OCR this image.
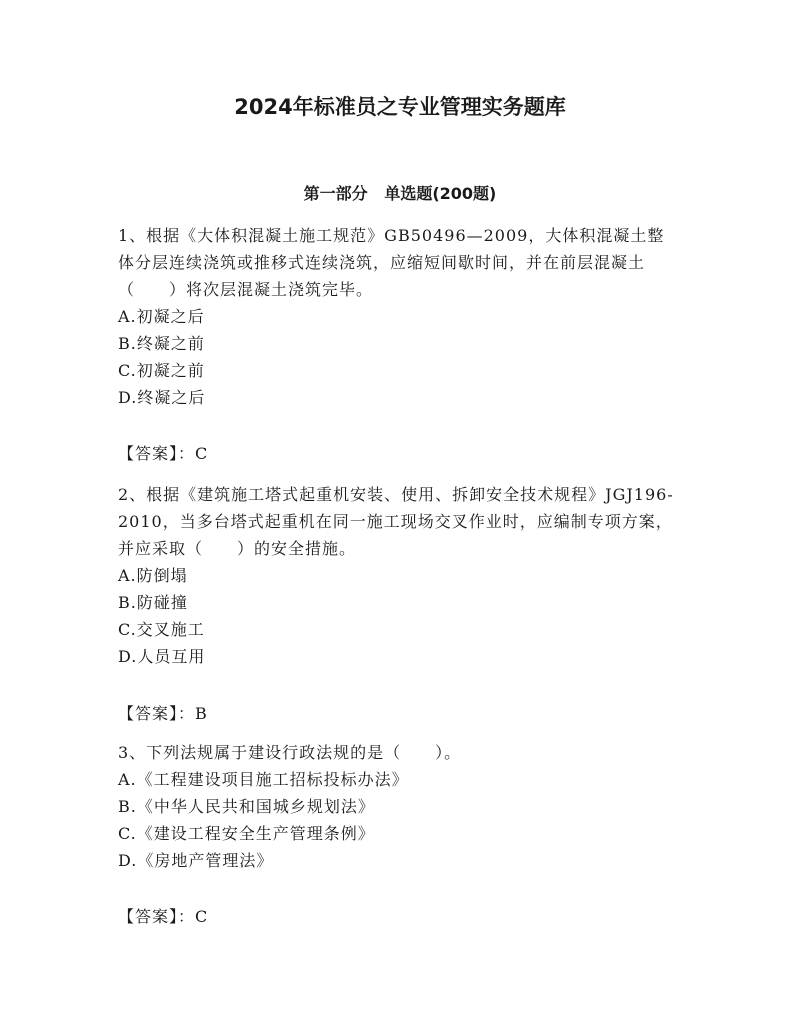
2024年标准员之专业管理实务题库
第一部分   单选题(200题)

1、根据《大体积混凝土施工规范》GB50496—2009，大体积混凝土整体分层连续浇筑或推移式连续浇筑，应缩短间歇时间，并在前层混凝土（　　）将次层混凝土浇筑完毕。

A.初凝之后

B.终凝之前

C.初凝之前

D.终凝之后

【答案】：C

2、根据《建筑施工塔式起重机安装、使用、拆卸安全技术规程》JGJ196-2010，当多台塔式起重机在同一施工现场交叉作业时，应编制专项方案，并应采取（　　）的安全措施。

A.防倒塌

B.防碰撞

C.交叉施工

D.人员互用

【答案】：B

3、下列法规属于建设行政法规的是（　　）。

A.《工程建设项目施工招标投标办法》

B.《中华人民共和国城乡规划法》

C.《建设工程安全生产管理条例》

D.《房地产管理法》

【答案】：C
